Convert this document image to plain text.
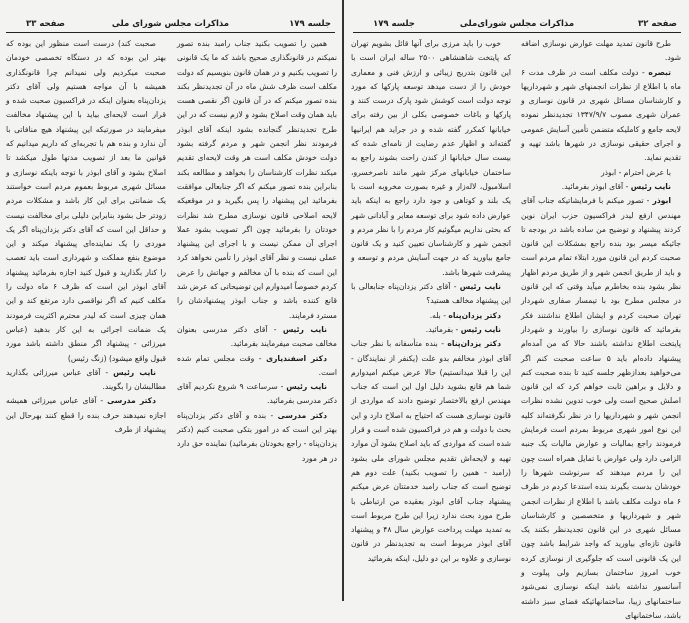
صفحه ۳۲
مذاکرات مجلس شورای‌ملی
جلسه ۱۷۹

طرح قانون تمدید مهلت عوارض نوسازی اضافه شود.

تبصره - دولت مکلف است در ظرف مدت ۶ ماه با اطلاع از نظرات انجمنهای شهر و شهرداریها و کارشناسان مسائل شهری در قانون نوسازی و عمران شهری مصوب ۱۳۴۷/۹/۷ تجدیدنظر نموده لایحه جامع و کاملیکه متضمن تأمین آسایش عمومی و اجرای حقیقی نوسازی در شهرها باشد تهیه و تقدیم نماید.

با عرض احترام - ابوذر

نایب رئیس - آقای ابوذر بفرمائید.

ابوذر - تصور میکنم با فرمایشاتیکه جناب آقای مهندس ارفع لیدر فراکسیون حزب ایران نوین کردند پیشنهاد و توضیح من ساده باشد در بودجه تا جائیکه میسر بود بنده راجع بمشکلات این قانون صحبت کردم این قانون مورد ابتلاء تمام مردم است و باید از طریق انجمن شهر و از طریق مردم اظهار نظر بشود بنده بخاطرم میآید وقتی که این قانون در مجلس مطرح بود با تیمسار صفاری شهردار تهران صحبت کردم و ایشان اطلاع نداشتند فکر بفرمائید که قانون نوسازی را بیاورند و شهردار پایتخت اطلاع نداشته باشند حالا که من آمده‌ام پیشنهاد داده‌ام باید ۵ ساعت صحبت کنم اگر می‌خواهید بعدازظهر جلسه کنید تا بنده صحبت کنم و دلایل و براهین ثابت خواهم کرد که این قانون اصلش صحیح است ولی خوب تدوین نشده نظرات انجمن شهر و شهرداریها را در نظر نگرفته‌اند کلیه این نوع امور شهری مربوط بمردم است فرمایش فرمودند راجع بمالیات و عوارض مالیات یک جنبه الزامی دارد ولی عوارض با تمایل همراه است چون این را مردم میدهند که سرنوشت شهرها را خودشان بدست بگیرند بنده استدعا کردم در ظرف ۶ ماه دولت مکلف باشد با اطلاع از نظرات انجمن شهر و شهرداریها و متخصصین و کارشناسان مسائل شهری در این قانون تجدیدنظر بکنند یک قانون تازه‌ای بیاورید که واجد شرایط باشد چون این یک قانونی است که جلوگیری از نوسازی کرده خوب امروز ساختمان بسازیم ولی پیلوت و آسانسور نداشته باشد اینکه نوسازی نمی‌شود ساختمانهای زیبا، ساختمانهائیکه فضای سبز داشته باشد، ساختمانهای

خوب را باید مرزی برای آنها قائل بشویم تهران که پایتخت شاهنشاهی ۲۵۰۰ ساله ایران است با این قانون بتدریج زیبائی و ارزش فنی و معماری خودش را از دست میدهد توسعه پارکها که مورد توجه دولت است کوشش شود پارک درست کنند و پارکها و باغات خصوصی بکلی از بین رفته برای خیابانها کمکرر گفته شده و در جراید هم ایرانیها گفته‌اند و اظهار عدم رضایت از نامه‌ای شده که بیست سال خیابانها از کندن راحت بشوند راجع به ساختمان خیابانهای مرکز شهر مانند ناصرخسرو، اسلامبول، لاله‌زار و غیره بصورت مخروبه است با یک بلند و کوتاهی و جود دارد راجع به اینکه باید عوارض داده شود برای توسعه معابر و آبادانی شهر که بحثی نداریم میگوئیم کار مردم را با نظر مردم و انجمن شهر و کارشناسان تعیین کنید و یک قانون جامع بیاورید که در جهت آسایش مردم و توسعه و پیشرفت شهرها باشد.

نایب رئیس - آقای دکتر یزدان‌پناه جنابعالی با این پیشنهاد مخالف هستید؟

دکتر یزدان‌پناه - بله.

نایب رئیس - بفرمائید.

دکتر یزدان‌پناه - بنده متأسفانه با نظر جناب آقای ابوذر مخالفم بدو علت (یکنفر از نمایندگان - این را قبلا میدانستیم) حالا عرض میکنم امیدوارم شما هم قانع بشوید دلیل اول این است که جناب مهندس ارفع بالاختصار توضیح دادند که مواردی از قانون نوسازی هست که احتیاج به اصلاح دارد و این بحث با دولت و هم در فراکسیون شده است و قرار شده است که مواردی که باید اصلاح بشود آن موارد تهیه و لایحه‌اش تقدیم مجلس شورای ملی بشود (رامبد - همین را تصویب بکنید) علت دوم هم توضیح است که جناب رامبد خدمتتان عرض میکنم پیشنهاد جناب آقای ابوذر بعقیده من ارتباطی با طرح مورد بحث ندارد زیرا این طرح مربوط است به تمدید مهلت پرداخت عوارض سال ۴۸ و پیشنهاد آقای ابوذر مربوط است به تجدیدنظر در قانون نوسازی و علاوه بر این دو دلیل، اینکه بفرمائید

جلسه ۱۷۹
مذاکرات مجلس شورای ملی
صفحه ۳۳

همین را تصویب بکنید جناب رامبد بنده تصور نمیکنم در قانونگذاری صحیح باشد که ما یک قانونی را تصویب بکنیم و در همان قانون بنویسیم که دولت مکلف است ظرف شش ماه در آن تجدیدنظر بکند بنده تصور میکنم که در آن قانون اگر نقصی هست باید همان وقت اصلاح بشود و لازم نیست که در این طرح تجدیدنظر گنجانده بشود اینکه آقای ابوذر فرمودند نظر انجمن شهر و مردم گرفته بشود دولت خودش مکلف است هر وقت لایحه‌ای تقدیم میکند نظرات کارشناسان را بخواهد و مطالعه بکند بنابراین بنده تصور میکنم که اگر جنابعالی موافقت بفرمائید این پیشنهاد را پس بگیرید و در موقعیکه لایحه اصلاحی قانون نوسازی مطرح شد نظرات خودتان را بفرمائید چون اگر تصویب بشود عملا اجرای آن ممکن نیست و با اجرای این پیشنهاد عملی نیست و نظر آقای ابوذر را تأمین نخواهد کرد این است که بنده با آن مخالفم و جهاتش را عرض کردم خصوصاً امیدوارم این توضیحاتی که عرض شد قانع کننده باشد و جناب ابوذر پیشنهادشان را مسترد فرمایند.

نایب رئیس - آقای دکتر مدرسی بعنوان مخالف صحبت میفرمایند بفرمائید.

دکتر اسفندیاری - وقت مجلس تمام شده است.

نایب رئیس - سرساعت ۹ شروع نکردیم آقای دکتر مدرسی بفرمائید.

دکتر مدرسی - بنده و آقای دکتر یزدان‌پناه بهتر این است که در امور بتکی صحبت کنیم (دکتر یزدان‌پناه - راجع بخودتان بفرمائید) نماینده حق دارد در هر مورد

صحبت کند) درست است منظور این بوده که بهتر این بوده که در دستگاه تخصصی خودمان صحبت میکردیم ولی نمیدانم چرا قانونگذاری همیشه با آن مواجه هستیم ولی آقای دکتر یزدان‌پناه بعنوان اینکه در فراکسیون صحبت شده و قرار است لایحه‌ای بیاید با این پیشنهاد مخالفت میفرمایند در صورتیکه این پیشنهاد هیچ منافاتی با آن ندارد و بنده هم با تجربه‌ای که داریم میدانیم که قوانین ما بعد از تصویب مدتها طول میکشد تا اصلاح بشود و آقای ابوذر با توجه باینکه نوسازی و مسائل شهری مربوط بعموم مردم است خواستند یک ضمانتی برای این کار باشد و مشکلات مردم زودتر حل بشود بنابراین دلیلی برای مخالفت نیست و حداقل این است که آقای دکتر یزدان‌پناه اگر یک موردی را یک نماینده‌ای پیشنهاد میکند و این موضوع بنفع مملکت و شهرداری است باید تعصب را کنار بگذارید و قبول کنید اجازه بفرمائید پیشنهاد آقای ابوذر این است که ظرف ۶ ماه دولت را مکلف کنیم که اگر نواقصی دارد مرتفع کند و این همان چیزی است که لیدر محترم اکثریت فرمودند یک ضمانت اجرائی به این کار بدهید (عباس میرزائی - پیشنهاد اگر منطق داشته باشد مورد قبول واقع میشود) (زنگ رئیس)

نایب رئیس - آقای عباس میرزائی بگذارید مطالبشان را بگویند.

دکتر مدرسی - آقای عباس میرزائی همیشه اجازه نمیدهند حرف بنده را قطع کنند بهرحال این پیشنهاد از طرف
